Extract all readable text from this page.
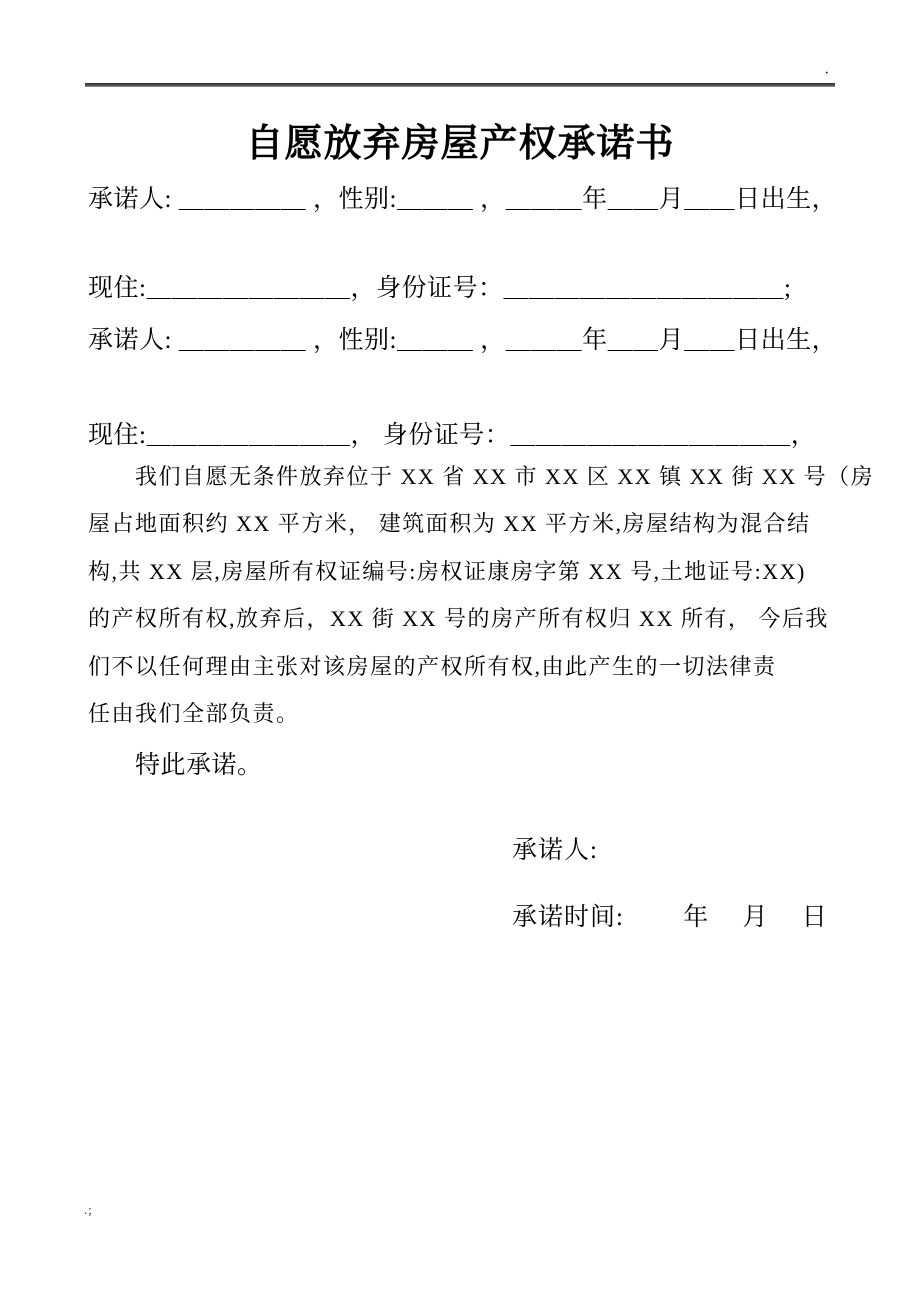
·
自愿放弃房屋产权承诺书
承诺人: ＿＿＿＿＿ ，性别:＿＿＿ ，＿＿＿年＿＿月＿＿日出生，
现住:＿＿＿＿＿＿＿＿，身份证号：＿＿＿＿＿＿＿＿＿＿＿;
承诺人: ＿＿＿＿＿ ，性别:＿＿＿ ，＿＿＿年＿＿月＿＿日出生，
现住:＿＿＿＿＿＿＿＿， 身份证号：＿＿＿＿＿＿＿＿＿＿＿，
我们自愿无条件放弃位于 XX 省 XX 市 XX 区 XX 镇 XX 街 XX 号（房
屋占地面积约 XX 平方米， 建筑面积为 XX 平方米,房屋结构为混合结
构,共 XX 层,房屋所有权证编号:房权证康房字第 XX 号,土地证号:XX)
的产权所有权,放弃后，XX 街 XX 号的房产所有权归 XX 所有， 今后我
们不以任何理由主张对该房屋的产权所有权,由此产生的一切法律责
任由我们全部负责。
特此承诺。
承诺人:
承诺时间:　　 年　 月　 日
.;
